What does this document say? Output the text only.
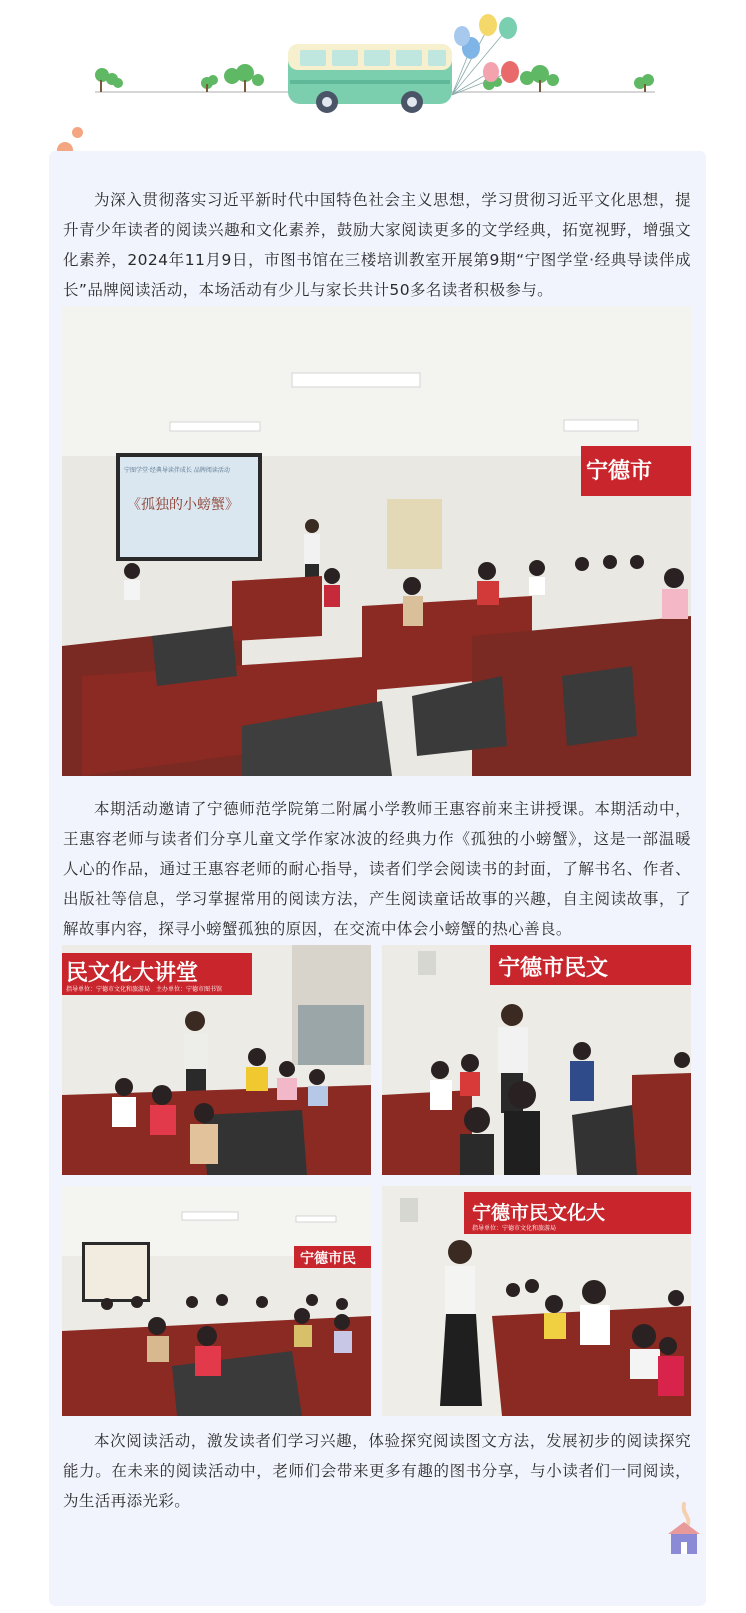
为深入贯彻落实习近平新时代中国特色社会主义思想，学习贯彻习近平文化思想，提升青少年读者的阅读兴趣和文化素养，鼓励大家阅读更多的文学经典，拓宽视野，增强文化素养，2024年11月9日，市图书馆在三楼培训教室开展第9期“宁图学堂·经典导读伴成长”品牌阅读活动，本场活动有少儿与家长共计50多名读者积极参与。

宁德市
宁图学堂·经典导读伴成长 品牌阅读活动
《孤独的小螃蟹》

本期活动邀请了宁德师范学院第二附属小学教师王惠容前来主讲授课。本期活动中，王惠容老师与读者们分享儿童文学作家冰波的经典力作《孤独的小螃蟹》，这是一部温暖人心的作品，通过王惠容老师的耐心指导，读者们学会阅读书的封面，了解书名、作者、出版社等信息，学习掌握常用的阅读方法，产生阅读童话故事的兴趣，自主阅读故事，了解故事内容，探寻小螃蟹孤独的原因，在交流中体会小螃蟹的热心善良。

民文化大讲堂
指导单位：宁德市文化和旅游局　主办单位：宁德市图书馆
宁德市民文
宁德市民
宁德市民文化大
指导单位：宁德市文化和旅游局

本次阅读活动，激发读者们学习兴趣，体验探究阅读图文方法，发展初步的阅读探究能力。在未来的阅读活动中，老师们会带来更多有趣的图书分享，与小读者们一同阅读，为生活再添光彩。
